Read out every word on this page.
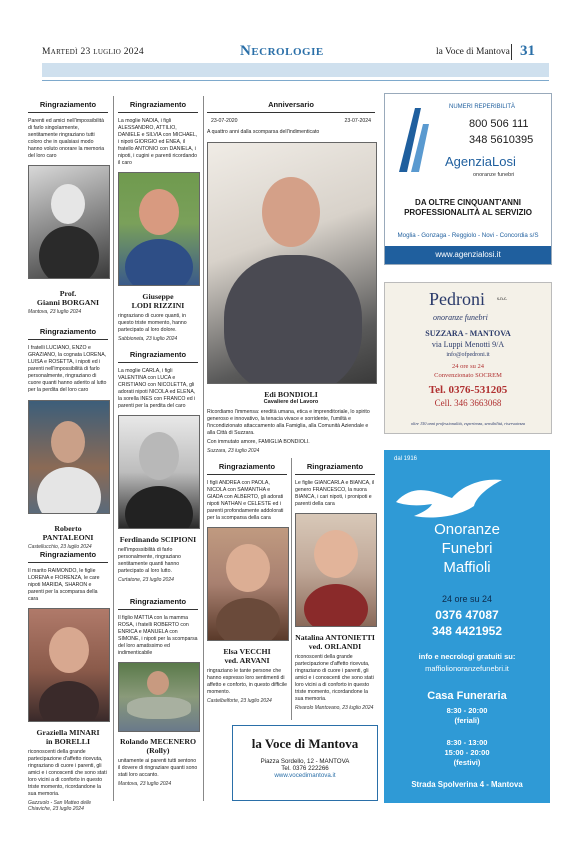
Martedì 23 luglio 2024	Necrologie	la Voce di Mantova 31
Ringraziamento
Parenti ed amici nell'impossibilità di farlo singolarmente, sentitamente ringraziano tutti coloro che in qualsiasi modo hanno voluto onorare la memoria del loro caro
Prof.
Gianni BORGANI
Mantova, 23 luglio 2024
Ringraziamento
I fratelli LUCIANO, ENZO e GRAZIANO, la cognata LORENA, LUISA e ROSETTA, i nipoti ed i parenti nell'impossibilità di farlo personalmente, ringraziano di cuore quanti hanno aderito al lutto per la perdita del loro caro
Roberto PANTALEONI
Castellucchio, 23 luglio 2024
Ringraziamento
Il marito RAIMONDO, le figlie LORENA e FIORENZA, le care nipoti MARIDA, SHARON e parenti per la scomparsa della cara
Graziella MINARI
in BORELLI
riconoscenti della grande partecipazione d'affetto ricevuta, ringraziano di cuore i parenti, gli amici e i conoscenti che sono stati loro vicini a di conforto in questo triste momento, ricordandone la sua memoria.
Gazzuolo - San Matteo delle Chiaviche, 23 luglio 2024
Ringraziamento
La moglie NADIA, i figli ALESSANDRO, ATTILIO, DANIELE e SILVIA con MICHAEL, i nipoti GIORGIO ed ENEA, il fratello ANTONIO con DANIELA, i nipoti, i cugini e parenti ricordando il caro
Giuseppe
LODI RIZZINI
ringraziano di cuore quanti, in questo triste momento, hanno partecipato al loro dolore.
Sabbioneta, 23 luglio 2024
Ringraziamento
La moglie CARLA, i figli VALENTINA con LUCA e CRISTIANO con NICOLETTA, gli adorati nipoti NICOLA ed ELENA, la sorella INES con FRANCO ed i parenti per la perdita del caro
Ferdinando SCIPIONI
nell'impossibilità di farlo personalmente, ringraziano sentitamente quanti hanno partecipato al loro lutto.
Curtatone, 23 luglio 2024
Ringraziamento
Il figlio MATTIA con la mamma ROSA, i fratelli ROBERTO con ENRICA e MANUELA con SIMONE, i nipoti per la scomparsa del loro amatissimo ed indimenticabile
Rolando MECENERO
(Rolly)
unitamente ai parenti tutti sentono il dovere di ringraziare quanti sono stati loro accanto.
Mantova, 23 luglio 2024
Anniversario
23-07-2020	23-07-2024
A quattro anni dalla scomparsa dell'indimenticato
Edi BONDIOLI
Cavaliere del Lavoro
Ricordiamo l'immensa: eredità umana, etica e imprenditoriale, lo spirito generoso e innovativo, la tenacia vivace e sorridente, l'umiltà e l'incondizionato attaccamento alla Famiglia, alla Comunità Aziendale e alla Città di Suzzara.
Con immutato amore, FAMIGLIA BONDIOLI.
Suzzara, 23 luglio 2024
Ringraziamento
I figli ANDREA con PAOLA, NICOLA con SAMANTHA e GIADA con ALBERTO, gli adorati nipoti NATHAN e CELESTE ed i parenti profondamente addolorati per la scomparsa della cara
Elsa VECCHI
ved. ARVANI
ringraziano le tante persone che hanno espresso loro sentimenti di affetto e conforto, in questo difficile momento.
Castelbelforte, 23 luglio 2024
Ringraziamento
Le figlie GIANCARLA e BIANCA, il genero FRANCESCO, la nuora BIANCA, i cari nipoti, i pronipoti e parenti della cara
Natalina ANTONIETTI
ved. ORLANDI
riconoscenti della grande partecipazione d'affetto ricevuta, ringraziano di cuore i parenti, gli amici e i conoscenti che sono stati loro vicini a di conforto in questo triste momento, ricordandone la sua memoria.
Rivarolo Mantovano, 23 luglio 2024
la Voce di Mantova
Piazza Sordello, 12 - MANTOVA
Tel. 0376 222266
www.vocedimantova.it
NUMERI REPERIBILITÀ
800 506 111
348 5610395
AgenziaLosi
onoranze funebri
DA OLTRE CINQUANT'ANNI PROFESSIONALITÀ AL SERVIZIO
Moglia - Gonzaga - Reggiolo - Novi - Concordia s/S
www.agenzialosi.it
Pedroni s.n.c.
onoranze funebri
SUZZARA - MANTOVA
via Luppi Menotti 9/A
info@ofpedroni.it
24 ore su 24
Convenzionato SOCREM
Tel. 0376-531205
Cell. 346 3663068
oltre 150 anni professionalità, esperienza, sensibilità, riservatezza
dal 1916
Onoranze
Funebri
Maffioli
24 ore su 24
0376 47087
348 4421952
info e necrologi gratuiti su:
maffiolionoranzefunebri.it
Casa Funeraria
8:30 - 20:00
(feriali)
8:30 - 13:00
15:00 - 20:00
(festivi)
Strada Spolverina 4 - Mantova
